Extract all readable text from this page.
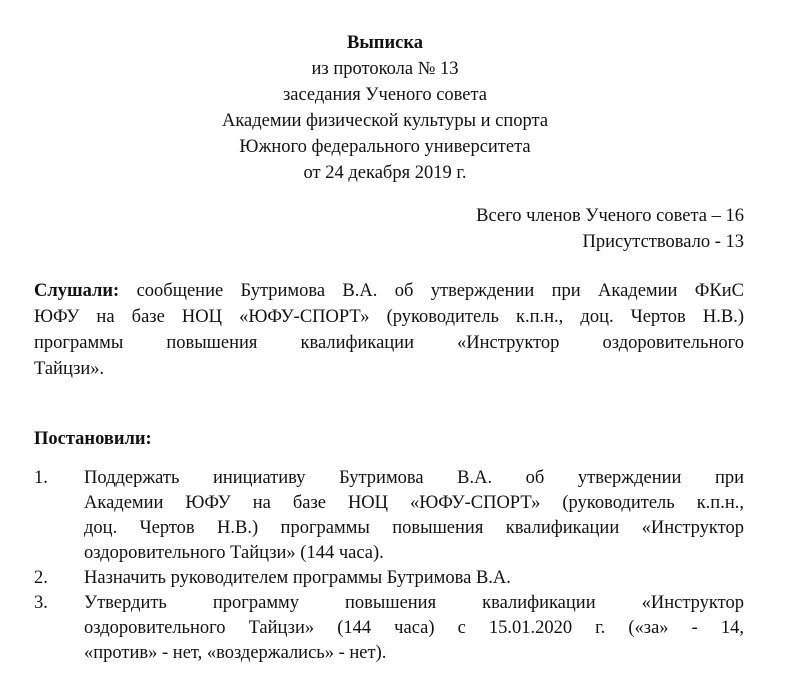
Выписка
из протокола № 13
заседания Ученого совета
Академии физической культуры и спорта
Южного федерального университета
от 24 декабря 2019 г.
Всего членов Ученого совета – 16
Присутствовало - 13
Слушали: сообщение Бутримова В.А. об утверждении при Академии ФКиС
ЮФУ на базе НОЦ «ЮФУ-СПОРТ» (руководитель к.п.н., доц. Чертов Н.В.)
программы повышения квалификации «Инструктор оздоровительного
Тайцзи».
Постановили:
1. Поддержать инициативу Бутримова В.А. об утверждении при
Академии ЮФУ на базе НОЦ «ЮФУ-СПОРТ» (руководитель к.п.н.,
доц. Чертов Н.В.) программы повышения квалификации «Инструктор
оздоровительного Тайцзи» (144 часа).
2. Назначить руководителем программы Бутримова В.А.
3. Утвердить программу повышения квалификации «Инструктор
оздоровительного Тайцзи» (144 часа) с 15.01.2020 г. («за» - 14,
«против» - нет, «воздержались» - нет).
